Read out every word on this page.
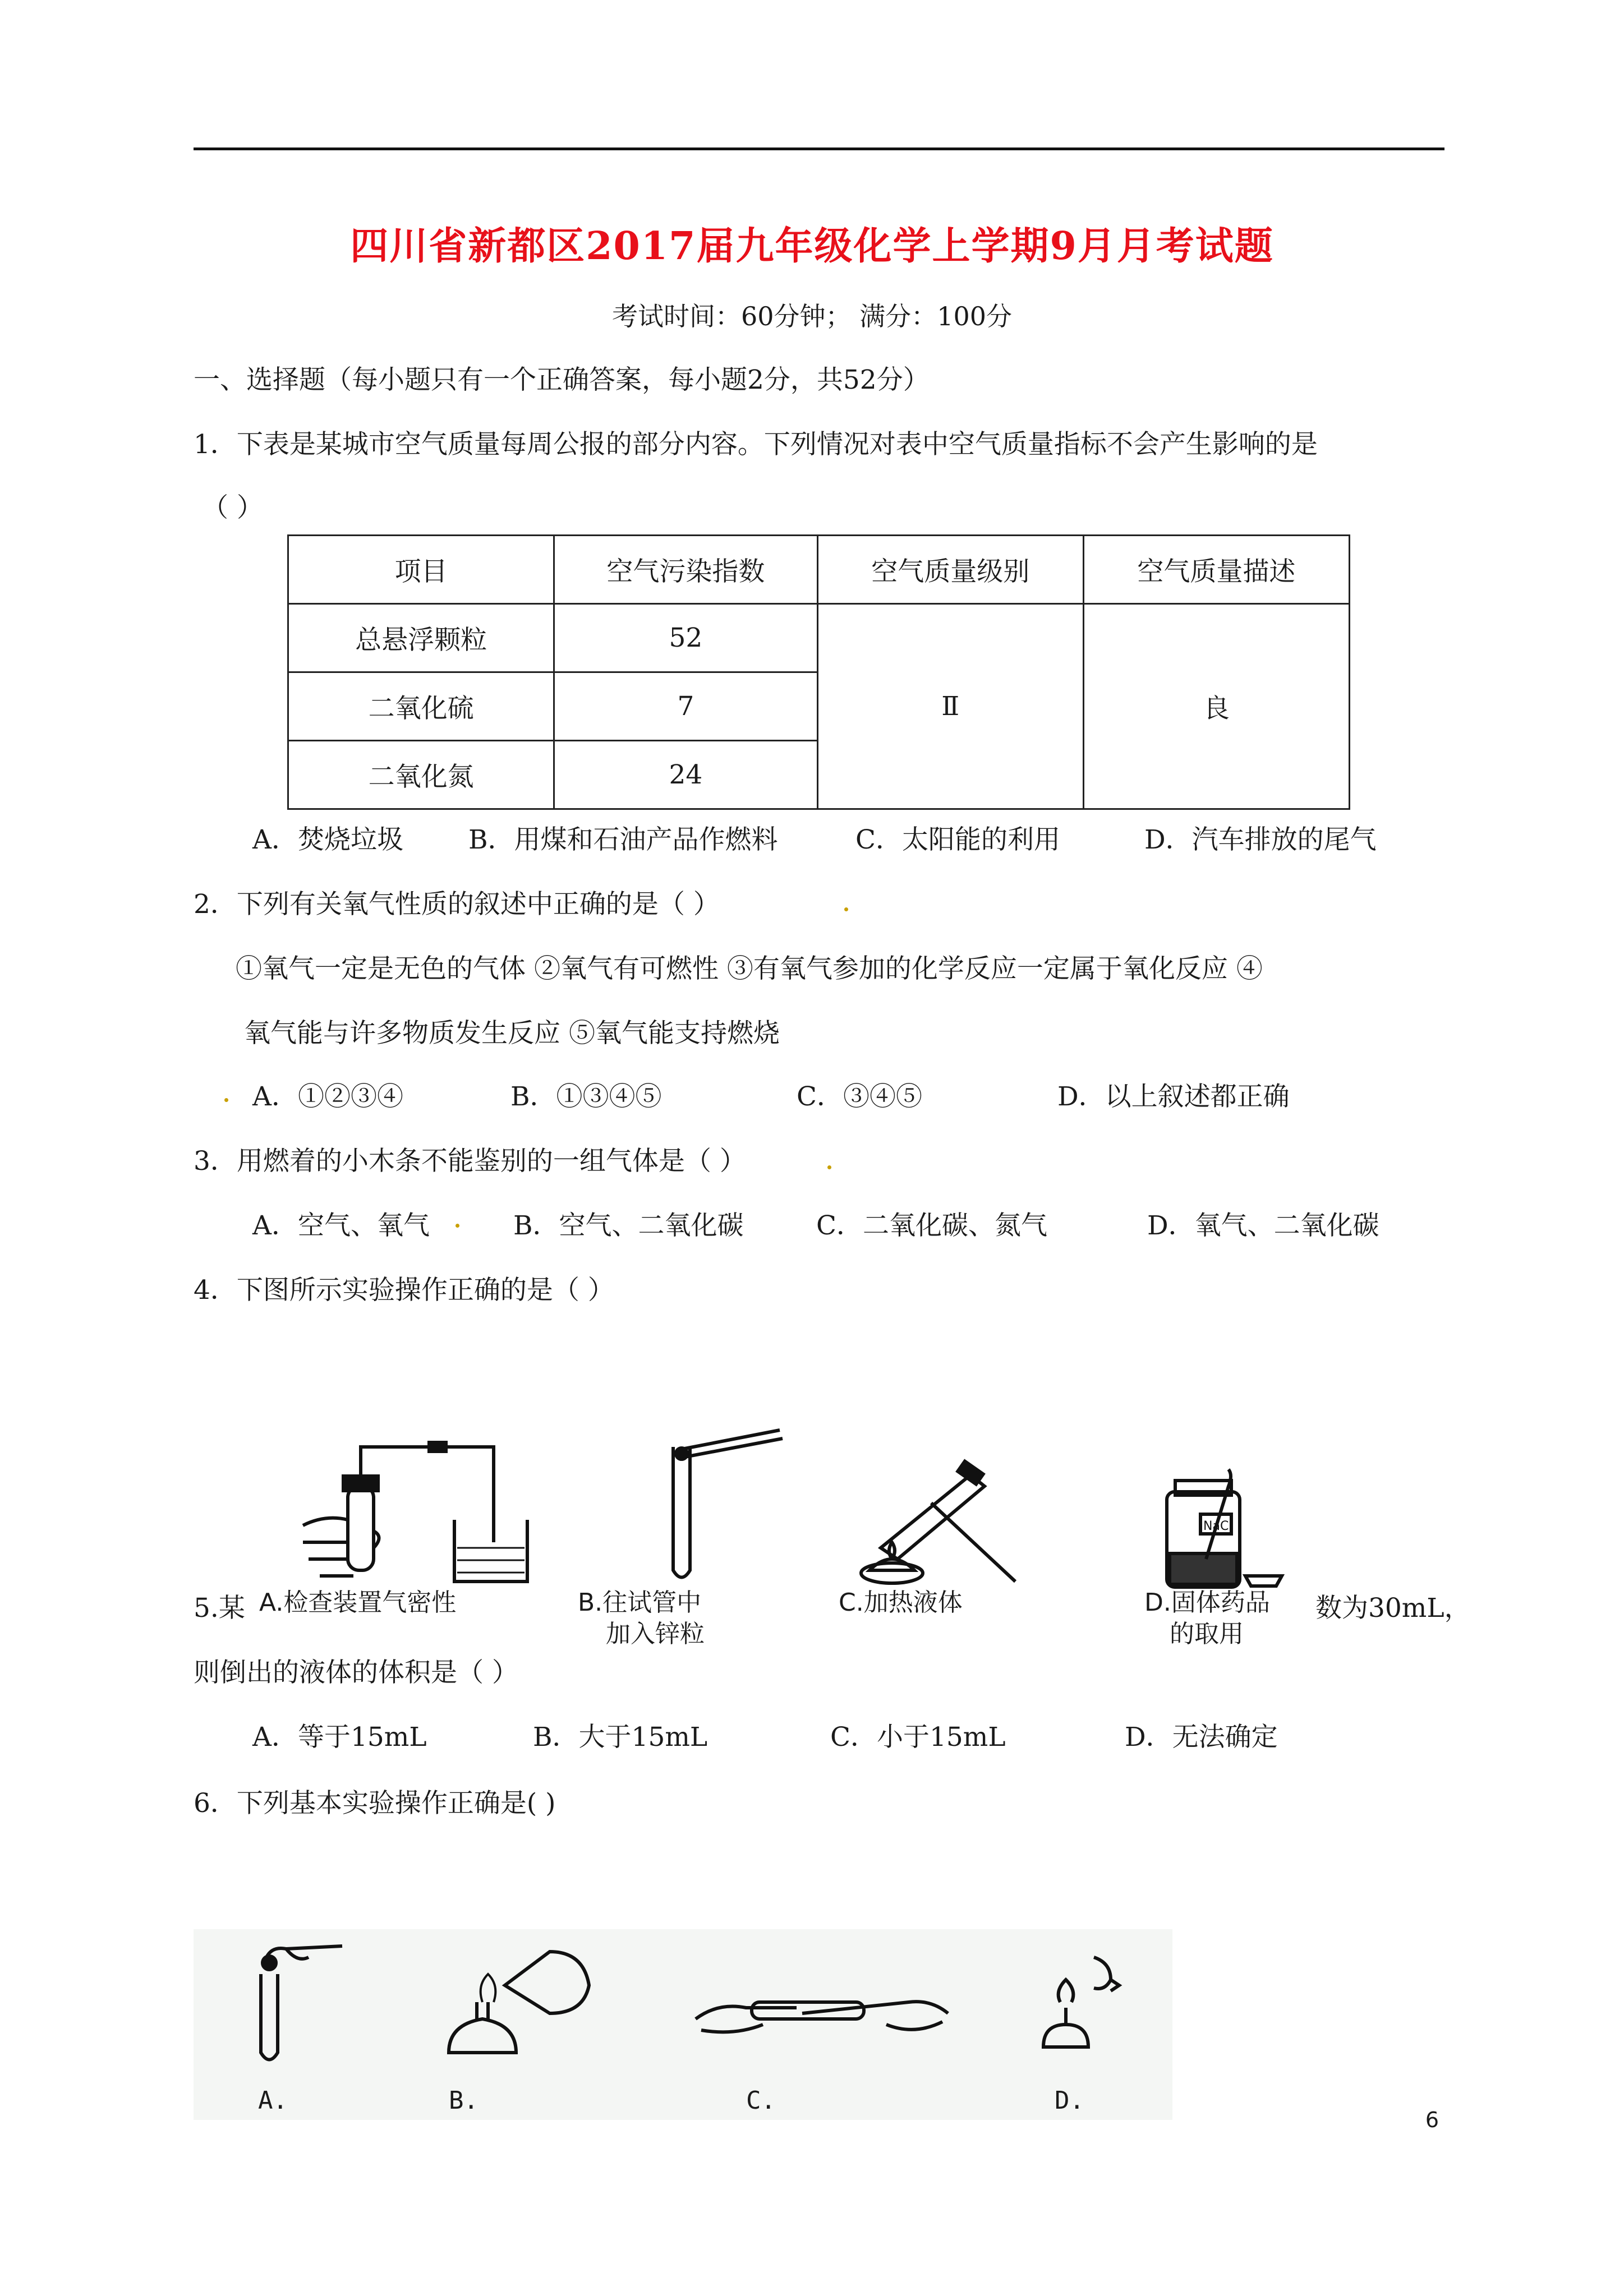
四川省新都区2017届九年级化学上学期9月月考试题
考试时间：60分钟； 满分：100分
一、选择题（每小题只有一个正确答案，每小题2分，共52分）
1．下表是某城市空气质量每周公报的部分内容。下列情况对表中空气质量指标不会产生影响的是
（ ）
项目	空气污染指数	空气质量级别	空气质量描述
总悬浮颗粒	52	Ⅱ	良
二氧化硫	7		
二氧化氮	24		
A．焚烧垃圾 B．用煤和石油产品作燃料	C．太阳能的利用	D．汽车排放的尾气
2．下列有关氧气性质的叙述中正确的是（ ）
①氧气一定是无色的气体 ②氧气有可燃性 ③有氧气参加的化学反应一定属于氧化反应 ④
氧气能与许多物质发生反应 ⑤氧气能支持燃烧
A．①②③④	B．①③④⑤	C．③④⑤	D．以上叙述都正确
3．用燃着的小木条不能鉴别的一组气体是（ ）
A．空气、氧气	B．空气、二氧化碳	C．二氧化碳、氮气	D．氧气、二氧化碳
4．下图所示实验操作正确的是（ ）
A.检查装置气密性	B.往试管中
加入锌粒
C.加热液体
NaCl
D.固体药品
的取用
5.某	数为30mL，
则倒出的液体的体积是（ ）
A．等于15mL	B．大于15mL	C．小于15mL	D．无法确定
6．下列基本实验操作正确是( )
A.	B.	C.	D.
6
